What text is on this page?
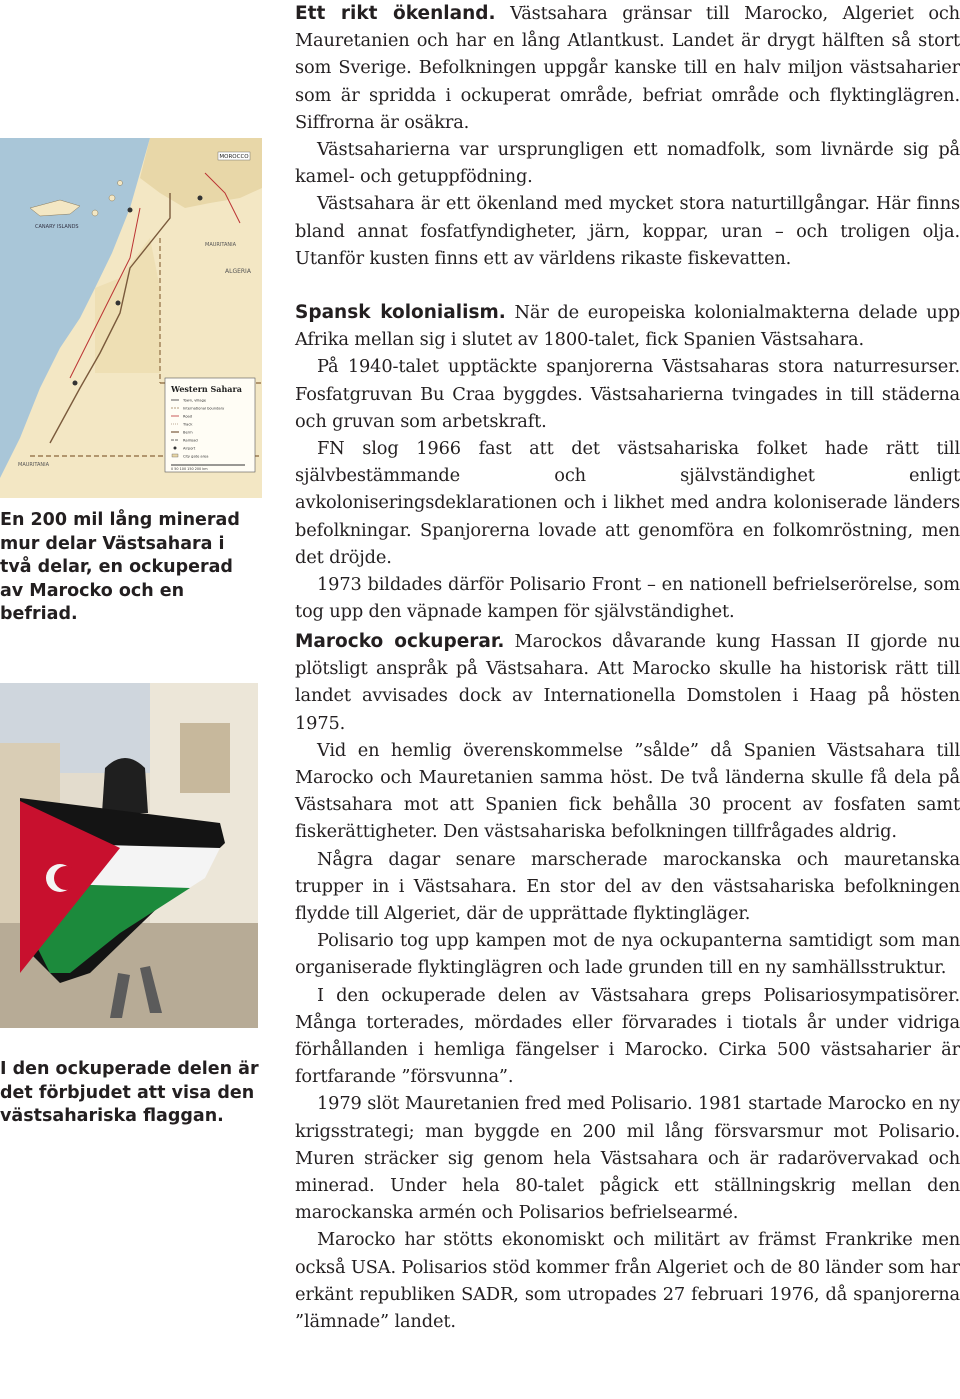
MOROCCO
CANARY ISLANDS
ALGERIA
MAURITANIA
MAURITANIA
Western Sahara
Town, village
International boundary
Road
Track
Berm
Railroad
Airport
City gate area
0 50 100 150 200 km
En 200 mil lång minerad mur delar Västsahara i två delar, en ockuperad av Marocko och en befriad.
I den ockuperade delen är det förbjudet att visa den västsahariska flaggan.

Ett rikt ökenland. Västsahara gränsar till Marocko, Algeriet och Mauretanien och har en lång Atlantkust. Landet är drygt hälften så stort som Sverige. Befolkningen uppgår kanske till en halv miljon västsaharier som är spridda i ockuperat område, befriat område och flyktinglägren. Siffrorna är osäkra.

Västsaharierna var ursprungligen ett nomadfolk, som livnärde sig på kamel- och getuppfödning.

Västsahara är ett ökenland med mycket stora naturtillgångar. Här finns bland annat fosfatfyndigheter, järn, koppar, uran – och troligen olja. Utanför kusten finns ett av världens rikaste fiskevatten.

Spansk kolonialism. När de europeiska kolonialmakterna delade upp Afrika mellan sig i slutet av 1800-talet, fick Spanien Västsahara.

På 1940-talet upptäckte spanjorerna Västsaharas stora naturresurser. Fosfatgruvan Bu Craa byggdes. Västsaharierna tvingades in till städerna och gruvan som arbetskraft.

FN slog 1966 fast att det västsahariska folket hade rätt till självbestämmande och självständighet enligt avkoloniseringsdeklarationen och i likhet med andra koloniserade länders befolkningar. Spanjorerna lovade att genomföra en folkomröstning, men det dröjde.

1973 bildades därför Polisario Front – en nationell befrielserörelse, som tog upp den väpnade kampen för självständighet.

Marocko ockuperar. Marockos dåvarande kung Hassan II gjorde nu plötsligt anspråk på Västsahara. Att Marocko skulle ha historisk rätt till landet avvisades dock av Internationella Domstolen i Haag på hösten 1975.

Vid en hemlig överenskommelse ”sålde” då Spanien Västsahara till Marocko och Mauretanien samma höst. De två länderna skulle få dela på Västsahara mot att Spanien fick behålla 30 procent av fosfaten samt fiskerättigheter. Den västsahariska befolkningen tillfrågades aldrig.

Några dagar senare marscherade marockanska och mauretanska trupper in i Västsahara. En stor del av den västsahariska befolkningen flydde till Algeriet, där de upprättade flyktingläger.

Polisario tog upp kampen mot de nya ockupanterna samtidigt som man organiserade flyktinglägren och lade grunden till en ny samhällsstruktur.

I den ockuperade delen av Västsahara greps Polisariosympatisörer. Många torterades, mördades eller förvarades i tiotals år under vidriga förhållanden i hemliga fängelser i Marocko. Cirka 500 västsaharier är fortfarande ”försvunna”.

1979 slöt Mauretanien fred med Polisario. 1981 startade Marocko en ny krigsstrategi; man byggde en 200 mil lång försvarsmur mot Polisario. Muren sträcker sig genom hela Västsahara och är radarövervakad och minerad. Under hela 80-talet pågick ett ställningskrig mellan den marockanska armén och Polisarios befrielsearmé.

Marocko har stötts ekonomiskt och militärt av främst Frankrike men också USA. Polisarios stöd kommer från Algeriet och de 80 länder som har erkänt republiken SADR, som utropades 27 februari 1976, då spanjorerna ”lämnade” landet.
